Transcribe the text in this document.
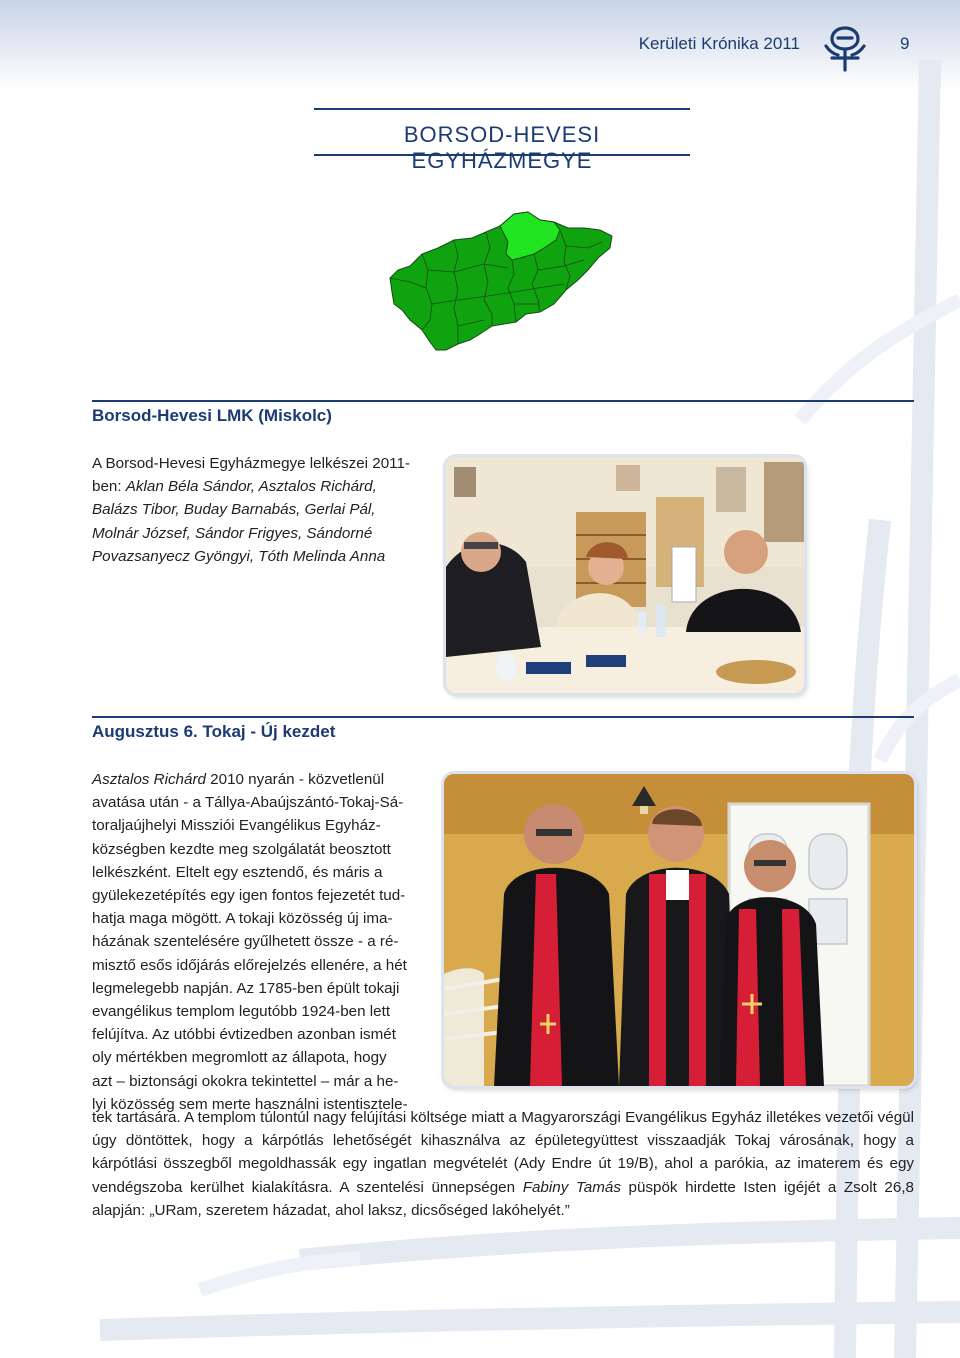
Kerületi Krónika 2011	9
BORSOD-HEVESI EGYHÁZMEGYE
Borsod-Hevesi LMK (Miskolc)
A Borsod-Hevesi Egyházmegye lelkészei 2011-
ben: Aklan Béla Sándor, Asztalos Richárd,
Balázs Tibor, Buday Barnabás, Gerlai Pál,
Molnár József, Sándor Frigyes, Sándorné
Povazsanyecz Gyöngyi, Tóth Melinda Anna
Augusztus 6. Tokaj - Új kezdet
Asztalos Richárd 2010 nyarán - közvetlenül
avatása után - a Tállya-Abaújszántó-Tokaj-Sá-
toraljaújhelyi Missziói Evangélikus Egyház-
községben kezdte meg szolgálatát beosztott
lelkészként. Eltelt egy esztendő, és máris a
gyülekezetépítés egy igen fontos fejezetét tud-
hatja maga mögött. A tokaji közösség új ima-
házának szentelésére gyűlhetett össze - a ré-
misztő esős időjárás előrejelzés ellenére, a hét
legmelegebb napján. Az 1785-ben épült tokaji
evangélikus templom legutóbb 1924-ben lett
felújítva. Az utóbbi évtizedben azonban ismét
oly mértékben megromlott az állapota, hogy
azt – biztonsági okokra tekintettel – már a he-
lyi közösség sem merte használni istentisztele-
tek tartására. A templom túlontúl nagy felújítási költsége miatt a Magyarországi Evangélikus Egyház illetékes vezetői végül úgy döntöttek, hogy a kárpótlás lehetőségét kihasználva az épületegyüttest visszaadják Tokaj városának, hogy a kárpótlási összegből megoldhassák egy ingatlan megvételét (Ady Endre út 19/B), ahol a parókia, az imaterem és egy vendégszoba kerülhet kialakításra. A szentelési ünnepségen Fabiny Tamás püspök hirdette Isten igéjét a Zsolt 26,8 alapján: „URam, szeretem házadat, ahol laksz, dicsőséged lakóhelyét.”
